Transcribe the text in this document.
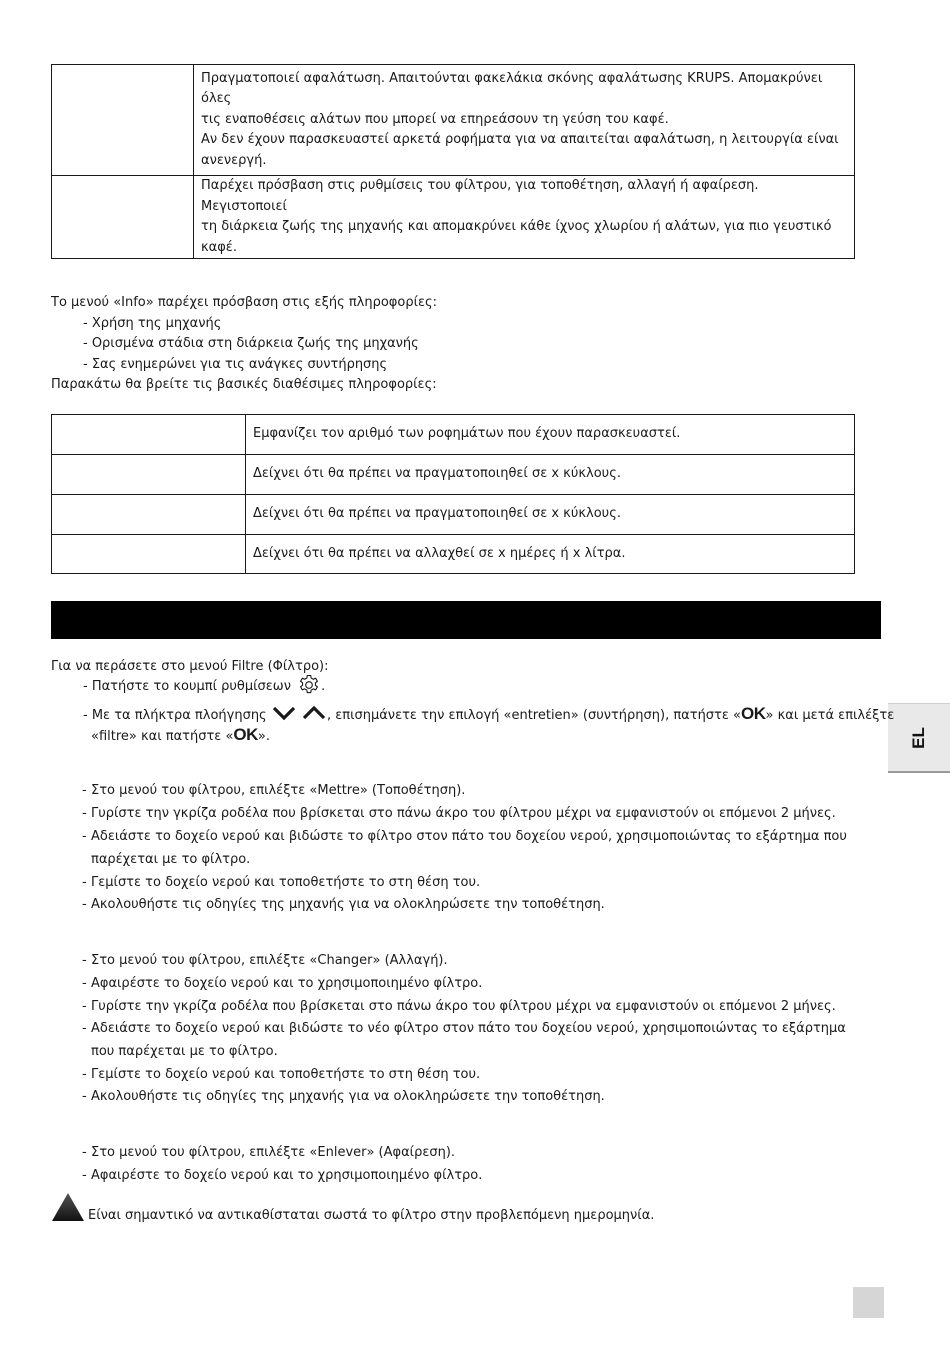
	Πραγματοποιεί αφαλάτωση. Απαιτούνται φακελάκια σκόνης αφαλάτωσης KRUPS. Απομακρύνει όλες
τις εναποθέσεις αλάτων που μπορεί να επηρεάσουν τη γεύση του καφέ.
Αν δεν έχουν παρασκευαστεί αρκετά ροφήματα για να απαιτείται αφαλάτωση, η λειτουργία είναι
ανενεργή.

	Παρέχει πρόσβαση στις ρυθμίσεις του φίλτρου, για τοποθέτηση, αλλαγή ή αφαίρεση. Μεγιστοποιεί
τη διάρκεια ζωής της μηχανής και απομακρύνει κάθε ίχνος χλωρίου ή αλάτων, για πιο γευστικό καφέ.
Το μενού «Info» παρέχει πρόσβαση στις εξής πληροφορίες:
- Χρήση της μηχανής
- Ορισμένα στάδια στη διάρκεια ζωής της μηχανής
- Σας ενημερώνει για τις ανάγκες συντήρησης
Παρακάτω θα βρείτε τις βασικές διαθέσιμες πληροφορίες:
	Εμφανίζει τον αριθμό των ροφημάτων που έχουν παρασκευαστεί.
	Δείχνει ότι θα πρέπει να πραγματοποιηθεί σε x κύκλους.
	Δείχνει ότι θα πρέπει να πραγματοποιηθεί σε x κύκλους.
	Δείχνει ότι θα πρέπει να αλλαχθεί σε x ημέρες ή x λίτρα.
EL
Για να περάσετε στο μενού Filtre (Φίλτρο):
- Πατήστε το κουμπί ρυθμίσεων .
- Με τα πλήκτρα πλοήγησης	, επισημάνετε την επιλογή «entretien» (συντήρηση), πατήστε «OK» και μετά επιλέξτε
«filtre» και πατήστε «OK».
- Στο μενού του φίλτρου, επιλέξτε «Mettre» (Τοποθέτηση).
- Γυρίστε την γκρίζα ροδέλα που βρίσκεται στο πάνω άκρο του φίλτρου μέχρι να εμφανιστούν οι επόμενοι 2 μήνες.
- Αδειάστε το δοχείο νερού και βιδώστε το φίλτρο στον πάτο του δοχείου νερού, χρησιμοποιώντας το εξάρτημα που παρέχεται με το φίλτρο.
- Γεμίστε το δοχείο νερού και τοποθετήστε το στη θέση του.
- Ακολουθήστε τις οδηγίες της μηχανής για να ολοκληρώσετε την τοποθέτηση.
- Στο μενού του φίλτρου, επιλέξτε «Changer» (Αλλαγή).
- Αφαιρέστε το δοχείο νερού και το χρησιμοποιημένο φίλτρο.
- Γυρίστε την γκρίζα ροδέλα που βρίσκεται στο πάνω άκρο του φίλτρου μέχρι να εμφανιστούν οι επόμενοι 2 μήνες.
- Αδειάστε το δοχείο νερού και βιδώστε το νέο φίλτρο στον πάτο του δοχείου νερού, χρησιμοποιώντας το εξάρτημα που παρέχεται με το φίλτρο.
- Γεμίστε το δοχείο νερού και τοποθετήστε το στη θέση του.
- Ακολουθήστε τις οδηγίες της μηχανής για να ολοκληρώσετε την τοποθέτηση.
- Στο μενού του φίλτρου, επιλέξτε «Enlever» (Αφαίρεση).
- Αφαιρέστε το δοχείο νερού και το χρησιμοποιημένο φίλτρο.
Είναι σημαντικό να αντικαθίσταται σωστά το φίλτρο στην προβλεπόμενη ημερομηνία.
